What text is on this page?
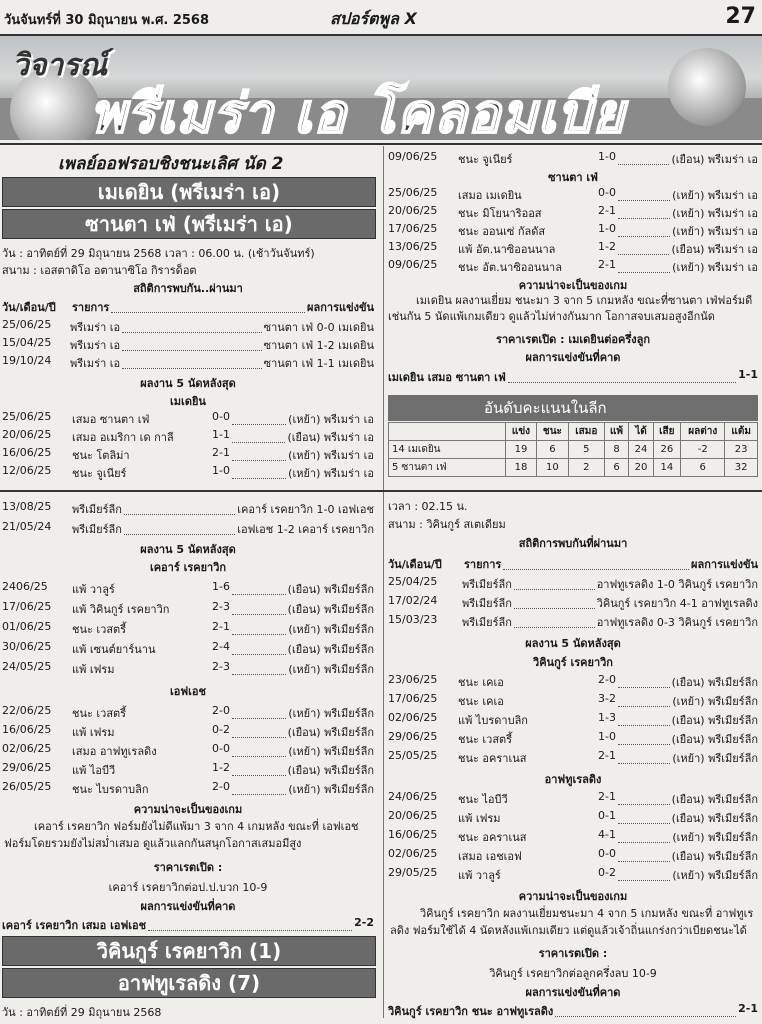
วันจันทร์ที่ 30 มิถุนายน พ.ศ. 2568	สปอร์ตพูล X	27
วิจารณ์
พรีเมร่า เอ โคลอมเบีย
เพลย์ออฟรอบชิงชนะเลิศ นัด 2
เมเดยิน (พรีเมร่า เอ)
ซานตา เฟ่ (พรีเมร่า เอ)
วัน : อาทิตย์ที่ 29 มิถุนายน 2568 เวลา : 06.00 น. (เช้าวันจันทร์)
สนาม : เอสตาดิโอ อตานาซิโอ กิรารด็อต
สถิติการพบกัน..ผ่านมา
วัน/เดือน/ปี	รายการ	ผลการแข่งขัน
25/06/25	พรีเมร่า เอ	ซานตา เฟ่ 0-0 เมเดยิน
15/04/25	พรีเมร่า เอ	ซานตา เฟ่ 1-2 เมเดยิน
19/10/24	พรีเมร่า เอ	ซานตา เฟ่ 1-1 เมเดยิน
ผลงาน 5 นัดหลังสุด
เมเดยิน
25/06/25	เสมอ ซานตา เฟ่	0-0	(เหย้า) พรีเมร่า เอ
20/06/25	เสมอ อเมริกา เด กาลี	1-1	(เยือน) พรีเมร่า เอ
16/06/25	ชนะ โตลิม่า	2-1	(เหย้า) พรีเมร่า เอ
12/06/25	ชนะ จูเนียร์	1-0	(เหย้า) พรีเมร่า เอ
09/06/25	ชนะ จูเนียร์	1-0	(เยือน) พรีเมร่า เอ
ซานตา เฟ่
25/06/25	เสมอ เมเดยิน	0-0	(เหย้า) พรีเมร่า เอ
20/06/25	ชนะ มิโยนาริออส	2-1	(เหย้า) พรีเมร่า เอ
17/06/25	ชนะ ออนเซ่ กัลดัส	1-0	(เหย้า) พรีเมร่า เอ
13/06/25	แพ้ อัต.นาซิออนนาล	1-2	(เยือน) พรีเมร่า เอ
09/06/25	ชนะ อัต.นาซิออนนาล	2-1	(เหย้า) พรีเมร่า เอ
ความน่าจะเป็นของเกม
เมเดยิน ผลงานเยี่ยม ชนะมา 3 จาก 5 เกมหลัง ขณะที่ซานตา เฟ่ฟอร์มดีเช่นกัน 5 นัดแพ้เกมเดียว ดูแล้วไม่ห่างกันมาก โอกาสจบเสมอสูงอีกนัด
ราคาเรตเปิด : เมเดยินต่อครึ่งลูก
ผลการแข่งขันที่คาด
เมเดยิน เสมอ ซานตา เฟ่	1-1
อันดับคะแนนในลีก
	แข่ง	ชนะ	เสมอ	แพ้	ได้	เสีย	ผลต่าง	แต้ม
14 เมเดยิน	19	6	5	8	24	26	-2	23
5 ซานตา เฟ่	18	10	2	6	20	14	6	32
13/08/25	พรีเมียร์ลีก	เคอาร์ เรคยาวิก 1-0 เอฟเอช
21/05/24	พรีเมียร์ลีก	เอฟเอช 1-2 เคอาร์ เรคยาวิก
ผลงาน 5 นัดหลังสุด
เคอาร์ เรคยาวิก
2406/25	แพ้ วาลูร์	1-6	(เยือน) พรีเมียร์ลีก
17/06/25	แพ้ วิคินกูร์ เรคยาวิก	2-3	(เยือน) พรีเมียร์ลีก
01/06/25	ชนะ เวสตรี้	2-1	(เหย้า) พรีเมียร์ลีก
30/06/25	แพ้ เซนต์ยาร์นาน	2-4	(เยือน) พรีเมียร์ลีก
24/05/25	แพ้ เฟรม	2-3	(เหย้า) พรีเมียร์ลีก
เอฟเอช
22/06/25	ชนะ เวสตรี้	2-0	(เหย้า) พรีเมียร์ลีก
16/06/25	แพ้ เฟรม	0-2	(เยือน) พรีเมียร์ลีก
02/06/25	เสมอ อาฟทูเรลดิง	0-0	(เหย้า) พรีเมียร์ลีก
29/06/25	แพ้ ไอบีวี	1-2	(เยือน) พรีเมียร์ลีก
26/05/25	ชนะ ไบรดาบลิก	2-0	(เหย้า) พรีเมียร์ลีก
ความน่าจะเป็นของเกม
เคอาร์ เรคยาวิก ฟอร์มยังไม่ดีแพ้มา 3 จาก 4 เกมหลัง ขณะที่ เอฟเอช ฟอร์มโดยรวมยังไม่สม่ำเสมอ ดูแล้วแลกกันสนุกโอกาสเสมอมีสูง
ราคาเรตเปิด :
เคอาร์ เรคยาวิกต่อป.ป.บวก 10-9
ผลการแข่งขันที่คาด
เคอาร์ เรคยาวิก เสมอ เอฟเอช	2-2
วิคินกูร์ เรคยาวิก (1)
อาฟทูเรลดิง (7)
วัน : อาทิตย์ที่ 29 มิถุนายน 2568
เวลา : 02.15 น.
สนาม : วิคินกูร์ สเตเดียม
สถิติการพบกันที่ผ่านมา
วัน/เดือน/ปี	รายการ	ผลการแข่งขัน
25/04/25	พรีเมียร์ลีก	อาฟทูเรลดิง 1-0 วิคินกูร์ เรคยาวิก
17/02/24	พรีเมียร์ลีก	วิคินกูร์ เรคยาวิก 4-1 อาฟทูเรลดิง
15/03/23	พรีเมียร์ลีก	อาฟทูเรลดิง 0-3 วิคินกูร์ เรคยาวิก
ผลงาน 5 นัดหลังสุด
วิคินกูร์ เรคยาวิก
23/06/25	ชนะ เคเอ	2-0	(เยือน) พรีเมียร์ลีก
17/06/25	ชนะ เคเอ	3-2	(เหย้า) พรีเมียร์ลีก
02/06/25	แพ้ ไบรดาบลิก	1-3	(เยือน) พรีเมียร์ลีก
29/06/25	ชนะ เวสตรี้	1-0	(เยือน) พรีเมียร์ลีก
25/05/25	ชนะ อคราเนส	2-1	(เหย้า) พรีเมียร์ลีก
อาฟทูเรลดิง
24/06/25	ชนะ ไอบีวี	2-1	(เยือน) พรีเมียร์ลีก
20/06/25	แพ้ เฟรม	0-1	(เยือน) พรีเมียร์ลีก
16/06/25	ชนะ อคราเนส	4-1	(เหย้า) พรีเมียร์ลีก
02/06/25	เสมอ เอชเอฟ	0-0	(เยือน) พรีเมียร์ลีก
29/05/25	แพ้ วาลูร์	0-2	(เหย้า) พรีเมียร์ลีก
ความน่าจะเป็นของเกม
วิคินกูร์ เรคยาวิก ผลงานเยี่ยมชนะมา 4 จาก 5 เกมหลัง ขณะที่ อาฟทูเรลดิง ฟอร์มใช้ได้ 4 นัดหลังแพ้เกมเดียว แต่ดูแล้วเจ้าถิ่นแกร่งกว่าเบียดชนะได้
ราคาเรตเปิด :
วิคินกูร์ เรคยาวิกต่อลูกครึ่งลบ 10-9
ผลการแข่งขันที่คาด
วิคินกูร์ เรคยาวิก ชนะ อาฟทูเรลดิง	2-1
